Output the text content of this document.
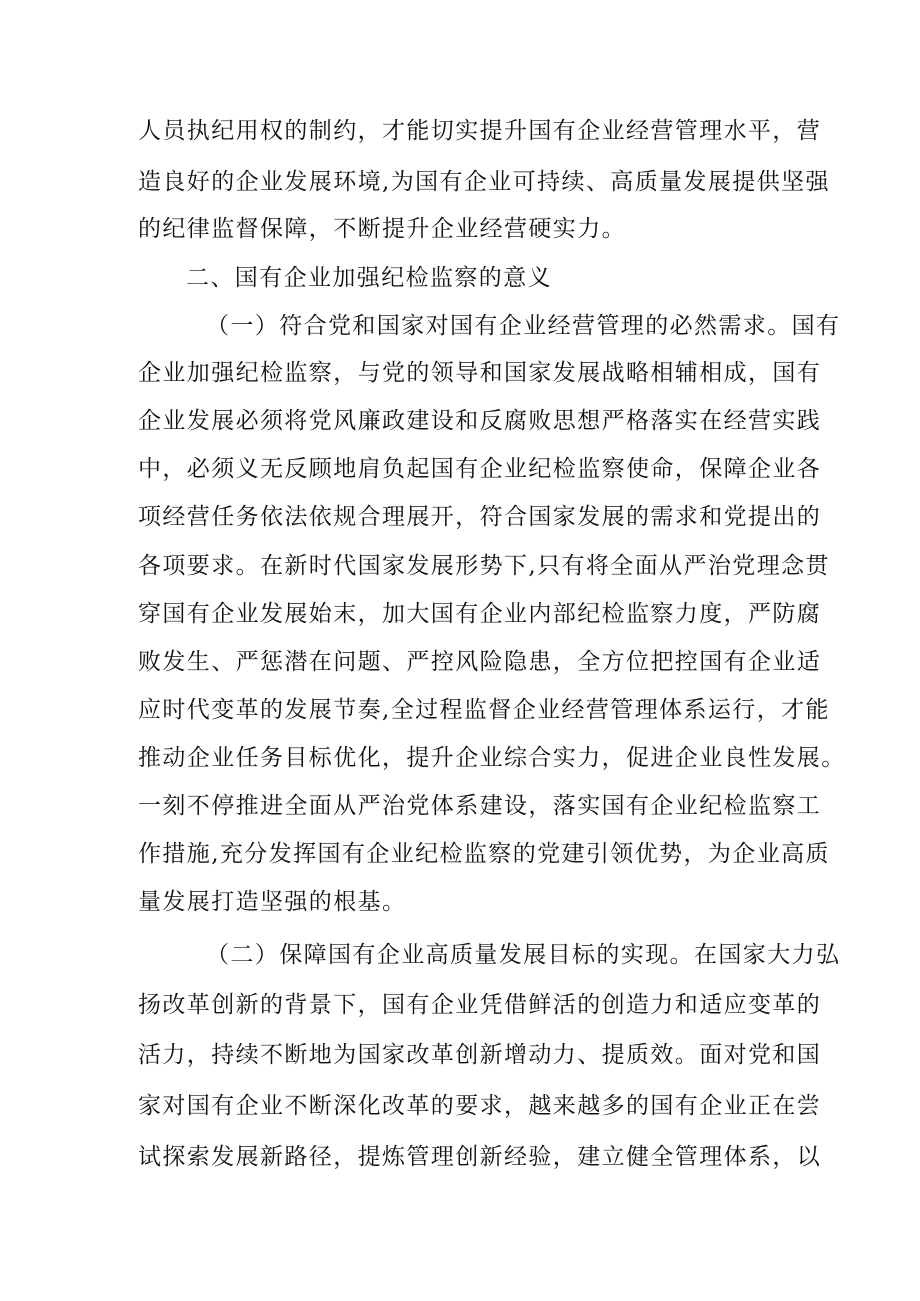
人员执纪用权的制约，才能切实提升国有企业经营管理水平，营
造良好的企业发展环境,为国有企业可持续、高质量发展提供坚强
的纪律监督保障，不断提升企业经营硬实力。
二、国有企业加强纪检监察的意义
（一）符合党和国家对国有企业经营管理的必然需求。国有
企业加强纪检监察，与党的领导和国家发展战略相辅相成，国有
企业发展必须将党风廉政建设和反腐败思想严格落实在经营实践
中，必须义无反顾地肩负起国有企业纪检监察使命，保障企业各
项经营任务依法依规合理展开，符合国家发展的需求和党提出的
各项要求。在新时代国家发展形势下,只有将全面从严治党理念贯
穿国有企业发展始末，加大国有企业内部纪检监察力度，严防腐
败发生、严惩潜在问题、严控风险隐患，全方位把控国有企业适
应时代变革的发展节奏,全过程监督企业经营管理体系运行，才能
推动企业任务目标优化，提升企业综合实力，促进企业良性发展。
一刻不停推进全面从严治党体系建设，落实国有企业纪检监察工
作措施,充分发挥国有企业纪检监察的党建引领优势，为企业高质
量发展打造坚强的根基。
（二）保障国有企业高质量发展目标的实现。在国家大力弘
扬改革创新的背景下，国有企业凭借鲜活的创造力和适应变革的
活力，持续不断地为国家改革创新增动力、提质效。面对党和国
家对国有企业不断深化改革的要求，越来越多的国有企业正在尝
试探索发展新路径，提炼管理创新经验，建立健全管理体系，以
